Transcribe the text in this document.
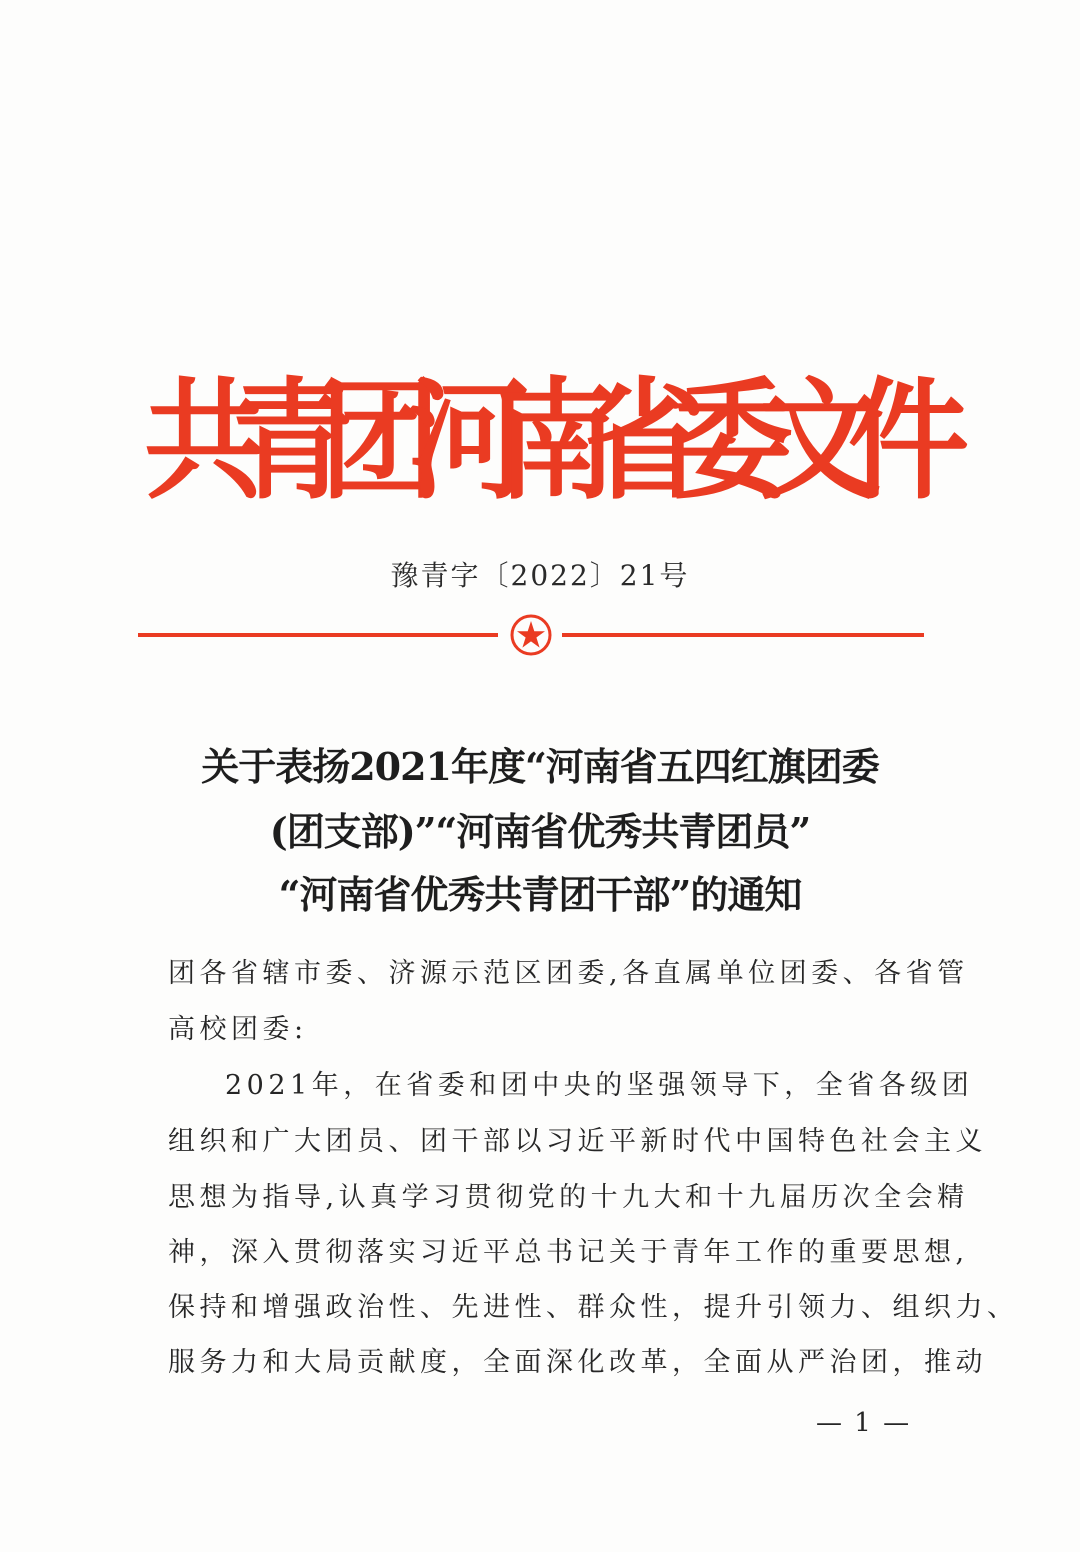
共青团河南省委文件
豫青字〔2022〕21号
关于表扬2021年度“河南省五四红旗团委
(团支部)”“河南省优秀共青团员”
“河南省优秀共青团干部”的通知
团各省辖市委、济源示范区团委,各直属单位团委、各省管
高校团委:
2021年，在省委和团中央的坚强领导下，全省各级团
组织和广大团员、团干部以习近平新时代中国特色社会主义
思想为指导,认真学习贯彻党的十九大和十九届历次全会精
神，深入贯彻落实习近平总书记关于青年工作的重要思想,
保持和增强政治性、先进性、群众性，提升引领力、组织力、
服务力和大局贡献度，全面深化改革，全面从严治团，推动
— 1 —
